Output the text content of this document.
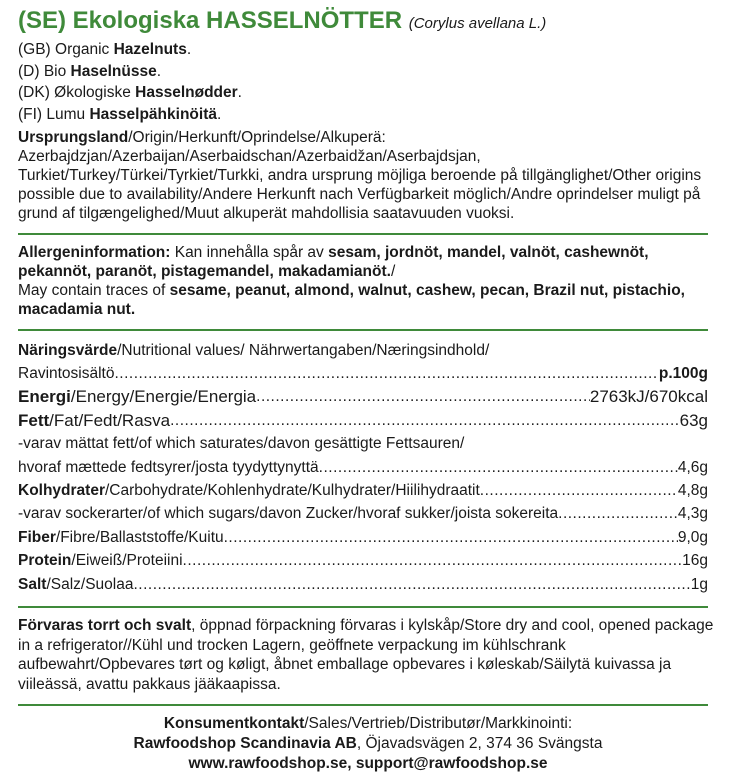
(SE) Ekologiska HASSELNÖTTER (Corylus avellana L.)
(GB) Organic Hazelnuts.
(D) Bio Haselnüsse.
(DK) Økologiske Hasselnødder.
(FI) Lumu Hasselpähkinöitä.
Ursprungsland/Origin/Herkunft/Oprindelse/Alkuperä: Azerbajdzjan/Azerbaijan/Aserbaidschan/Azerbaidžan/Aserbajdsjan, Turkiet/Turkey/Türkei/Tyrkiet/Turkki, andra ursprung möjliga beroende på tillgänglighet/Other origins possible due to availability/Andere Herkunft nach Verfügbarkeit möglich/Andre oprindelser muligt på grund af tilgængelighed/Muut alkuperät mahdollisia saatavuuden vuoksi.
Allergeninformation: Kan innehålla spår av sesam, jordnöt, mandel, valnöt, cashewnöt, pekannöt, paranöt, pistagemandel, makadamianöt./
May contain traces of sesame, peanut, almond, walnut, cashew, pecan, Brazil nut, pistachio, macadamia nut.
Näringsvärde/Nutritional values/ Nährwertangaben/Næringsindhold/
Ravintosisältö .....	p.100g
Energi/Energy/Energie/Energia .....	2763kJ/670kcal
Fett/Fat/Fedt/Rasva .....	63g
-varav mättat fett/of which saturates/davon gesättigte Fettsauren/
hvoraf mættede fedtsyrer/josta tyydyttynyttä .....	4,6g
Kolhydrater/Carbohydrate/Kohlenhydrate/Kulhydrater/Hiilihydraatit .....	4,8g
-varav sockerarter/of which sugars/davon Zucker/hvoraf sukker/joista sokereita .....	4,3g
Fiber/Fibre/Ballaststoffe/Kuitu .....	9,0g
Protein/Eiweiß/Proteiini .....	16g
Salt/Salz/Suolaa .....	1g
Förvaras torrt och svalt, öppnad förpackning förvaras i kylskåp/Store dry and cool, opened package in a refrigerator//Kühl und trocken Lagern, geöffnete verpackung im kühlschrank aufbewahrt/Opbevares tørt og køligt, åbnet emballage opbevares i køleskab/Säilytä kuivassa ja viileässä, avattu pakkaus jääkaapissa.
Konsumentkontakt/Sales/Vertrieb/Distributør/Markkinointi:
Rawfoodshop Scandinavia AB, Öjavadsvägen 2, 374 36 Svängsta
www.rawfoodshop.se, support@rawfoodshop.se
